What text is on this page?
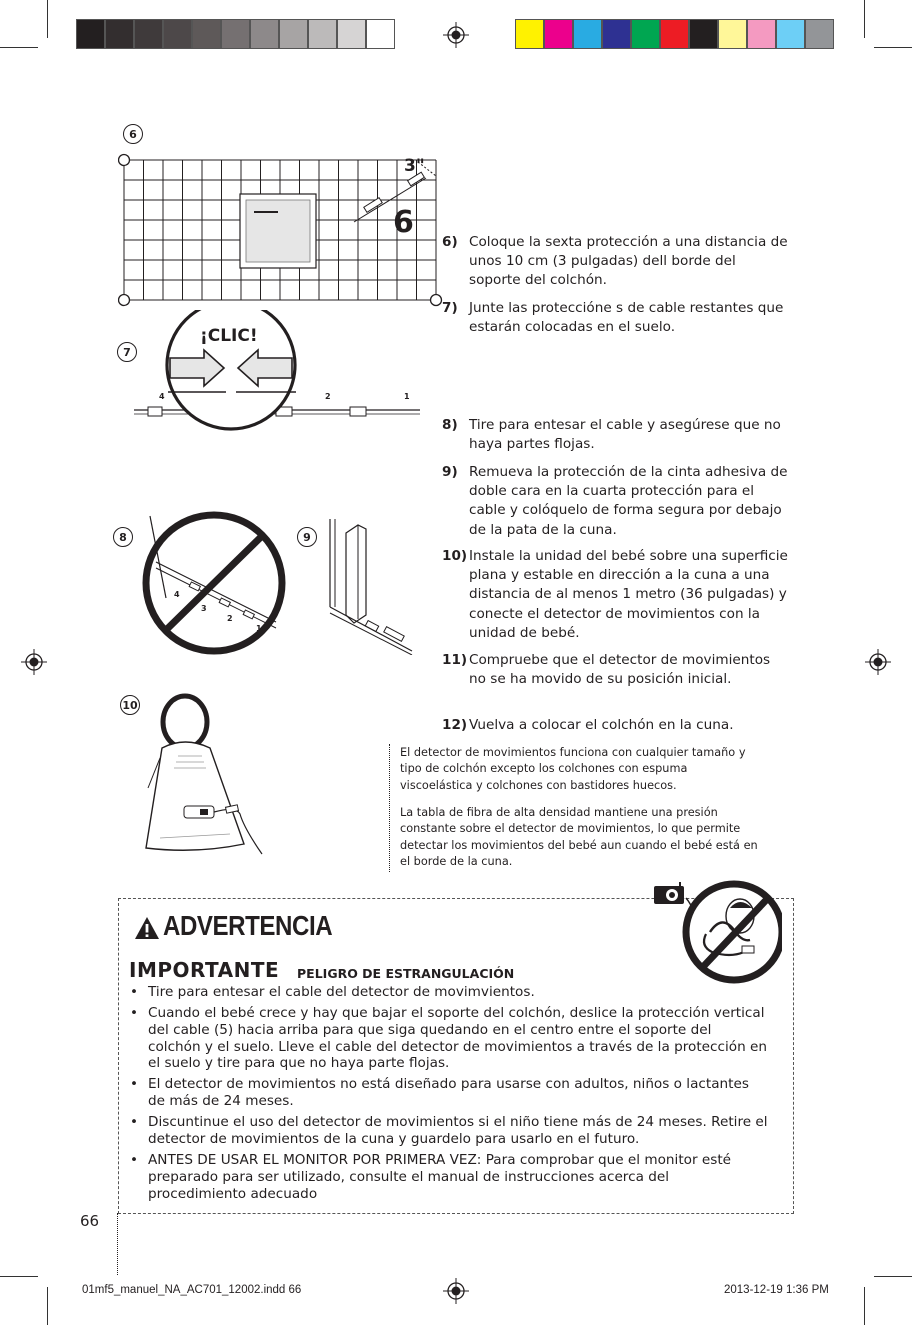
6
3"
6
7
¡CLIC!
4	2	1
8
4
3
2
1
9
10
6) Coloque la sexta protección a una distancia de unos 10 cm (3 pulgadas) dell borde del soporte del colchón.
7) Junte las proteccióne s de cable restantes que estarán colocadas en el suelo.
8) Tire para entesar el cable y asegúrese que no haya partes flojas.
9) Remueva la protección de la cinta adhesiva de doble cara en la cuarta protección para el cable y colóquelo de forma segura por debajo de la pata de la cuna.
10) Instale la unidad del bebé sobre una superficie plana y estable en dirección a la cuna a una distancia de al menos 1 metro (36 pulgadas) y conecte el detector de movimientos con la unidad de bebé.
11) Compruebe que el detector de movimientos no se ha movido de su posición inicial.
12) Vuelva a colocar el colchón en la cuna.
El detector de movimientos funciona con cualquier tamaño y tipo de colchón excepto los colchones con espuma viscoelástica y colchones con bastidores huecos.
La tabla de fibra de alta densidad mantiene una presión constante sobre el detector de movimientos, lo que permite detectar los movimientos del bebé aun cuando el bebé está en el borde de la cuna.
ADVERTENCIA
IMPORTANTE PELIGRO DE ESTRANGULACIÓN
• Tire para entesar el cable del detector de movimvientos.
• Cuando el bebé crece y hay que bajar el soporte del colchón, deslice la protección vertical del cable (5) hacia arriba para que siga quedando en el centro entre el soporte del colchón y el suelo. Lleve el cable del detector de movimientos a través de la protección en el suelo y tire para que no haya parte flojas.
• El detector de movimientos no está diseñado para usarse con adultos, niños o lactantes de más de 24 meses.
• Discuntinue el uso del detector de movimientos si el niño tiene más de 24 meses. Retire el detector de movimientos de la cuna y guardelo para usarlo en el futuro.
• ANTES DE USAR EL MONITOR POR PRIMERA VEZ: Para comprobar que el monitor esté preparado para ser utilizado, consulte el manual de instrucciones acerca del procedimiento adecuado
66
01mf5_manuel_NA_AC701_12002.indd 66	2013-12-19 1:36 PM
